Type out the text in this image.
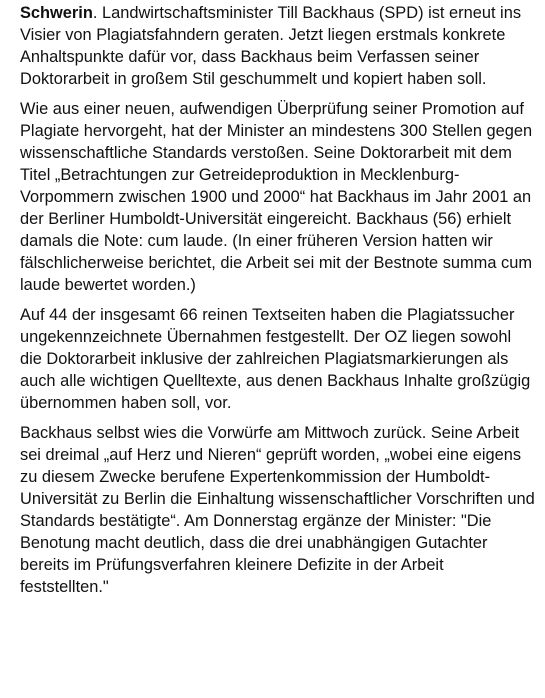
Schwerin. Landwirtschaftsminister Till Backhaus (SPD) ist erneut ins Visier von Plagiatsfahndern geraten. Jetzt liegen erstmals konkrete Anhaltspunkte dafür vor, dass Backhaus beim Verfassen seiner Doktorarbeit in großem Stil geschummelt und kopiert haben soll.

Wie aus einer neuen, aufwendigen Überprüfung seiner Promotion auf Plagiate hervorgeht, hat der Minister an mindestens 300 Stellen gegen wissenschaftliche Standards verstoßen. Seine Doktorarbeit mit dem Titel „Betrachtungen zur Getreideproduktion in Mecklenburg-Vorpommern zwischen 1900 und 2000“ hat Backhaus im Jahr 2001 an der Berliner Humboldt-Universität eingereicht. Backhaus (56) erhielt damals die Note: cum laude. (In einer früheren Version hatten wir fälschlicherweise berichtet, die Arbeit sei mit der Bestnote summa cum laude bewertet worden.)

Auf 44 der insgesamt 66 reinen Textseiten haben die Plagiatssucher ungekennzeichnete Übernahmen festgestellt. Der OZ liegen sowohl die Doktorarbeit inklusive der zahlreichen Plagiatsmarkierungen als auch alle wichtigen Quelltexte, aus denen Backhaus Inhalte großzügig übernommen haben soll, vor.

Backhaus selbst wies die Vorwürfe am Mittwoch zurück. Seine Arbeit sei dreimal „auf Herz und Nieren“ geprüft worden, „wobei eine eigens zu diesem Zwecke berufene Expertenkommission der Humboldt-Universität zu Berlin die Einhaltung wissenschaftlicher Vorschriften und Standards bestätigte“. Am Donnerstag ergänze der Minister: "Die Benotung macht deutlich, dass die drei unabhängigen Gutachter bereits im Prüfungsverfahren kleinere Defizite in der Arbeit feststellten."
